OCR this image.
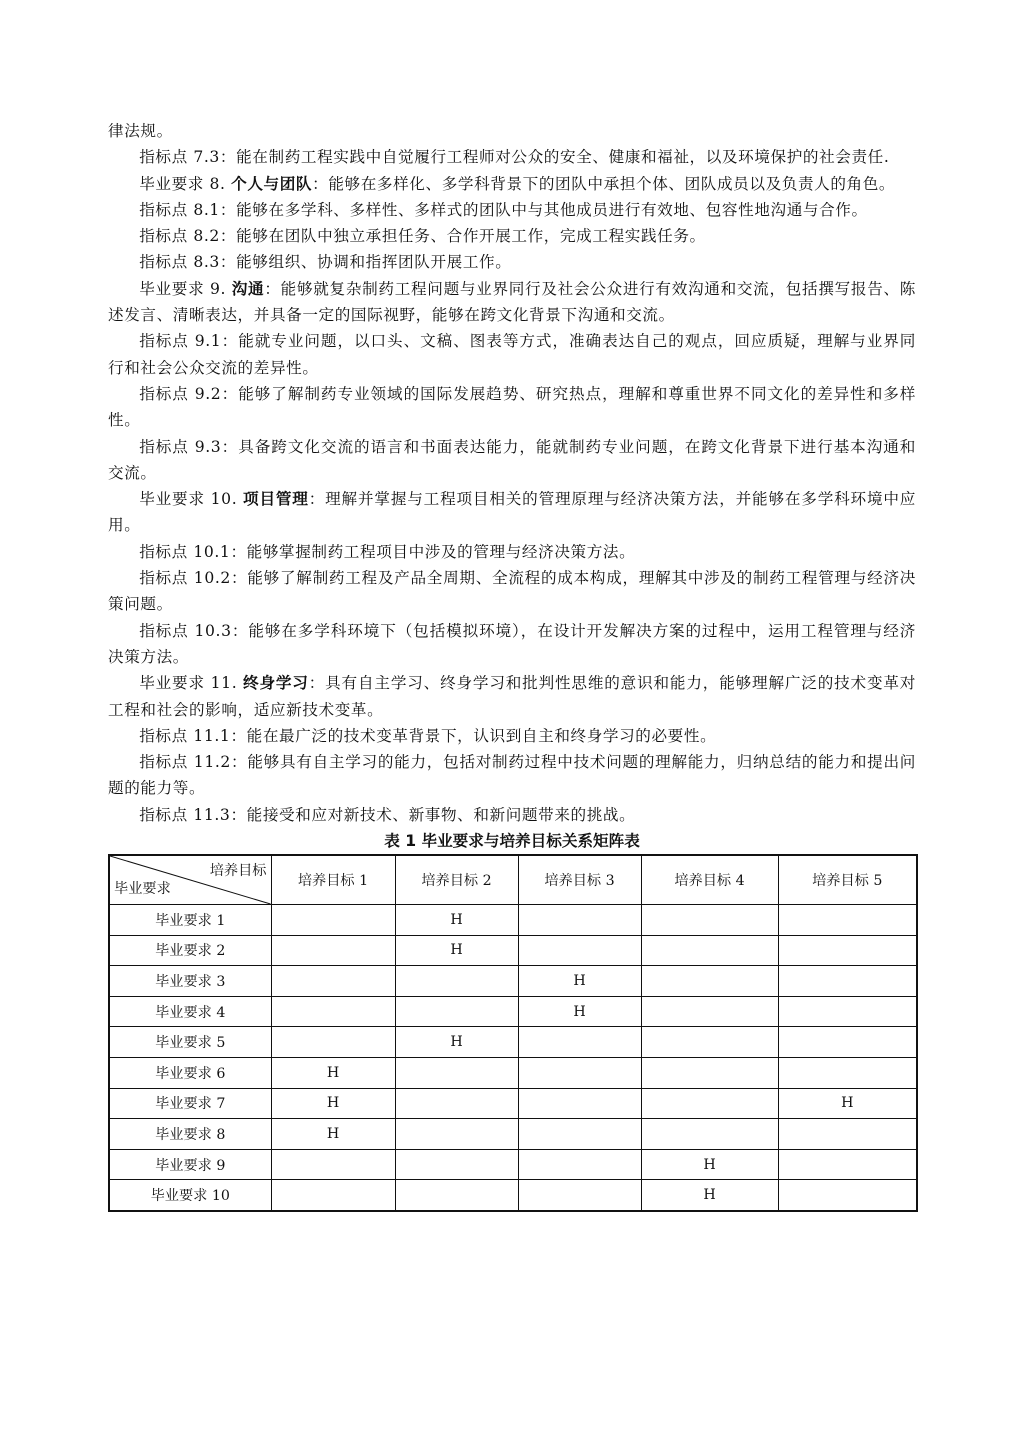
律法规。

指标点 7.3：能在制药工程实践中自觉履行工程师对公众的安全、健康和福祉，以及环境保护的社会责任.

毕业要求 8. 个人与团队：能够在多样化、多学科背景下的团队中承担个体、团队成员以及负责人的角色。

指标点 8.1：能够在多学科、多样性、多样式的团队中与其他成员进行有效地、包容性地沟通与合作。

指标点 8.2：能够在团队中独立承担任务、合作开展工作，完成工程实践任务。

指标点 8.3：能够组织、协调和指挥团队开展工作。

毕业要求 9. 沟通：能够就复杂制药工程问题与业界同行及社会公众进行有效沟通和交流，包括撰写报告、陈述发言、清晰表达，并具备一定的国际视野，能够在跨文化背景下沟通和交流。

指标点 9.1：能就专业问题，以口头、文稿、图表等方式，准确表达自己的观点，回应质疑，理解与业界同行和社会公众交流的差异性。

指标点 9.2：能够了解制药专业领域的国际发展趋势、研究热点，理解和尊重世界不同文化的差异性和多样性。

指标点 9.3：具备跨文化交流的语言和书面表达能力，能就制药专业问题，在跨文化背景下进行基本沟通和交流。

毕业要求 10. 项目管理：理解并掌握与工程项目相关的管理原理与经济决策方法，并能够在多学科环境中应用。

指标点 10.1：能够掌握制药工程项目中涉及的管理与经济决策方法。

指标点 10.2：能够了解制药工程及产品全周期、全流程的成本构成，理解其中涉及的制药工程管理与经济决策问题。

指标点 10.3：能够在多学科环境下（包括模拟环境），在设计开发解决方案的过程中，运用工程管理与经济决策方法。

毕业要求 11. 终身学习：具有自主学习、终身学习和批判性思维的意识和能力，能够理解广泛的技术变革对工程和社会的影响，适应新技术变革。

指标点 11.1：能在最广泛的技术变革背景下，认识到自主和终身学习的必要性。

指标点 11.2：能够具有自主学习的能力，包括对制药过程中技术问题的理解能力，归纳总结的能力和提出问题的能力等。

指标点 11.3：能接受和应对新技术、新事物、和新问题带来的挑战。

表 1 毕业要求与培养目标关系矩阵表
培养目标
毕业要求	培养目标 1	培养目标 2	培养目标 3	培养目标 4	培养目标 5
毕业要求 1		H			
毕业要求 2		H			
毕业要求 3			H		
毕业要求 4			H		
毕业要求 5		H			
毕业要求 6	H				
毕业要求 7	H				H
毕业要求 8	H				
毕业要求 9				H	
毕业要求 10				H	
